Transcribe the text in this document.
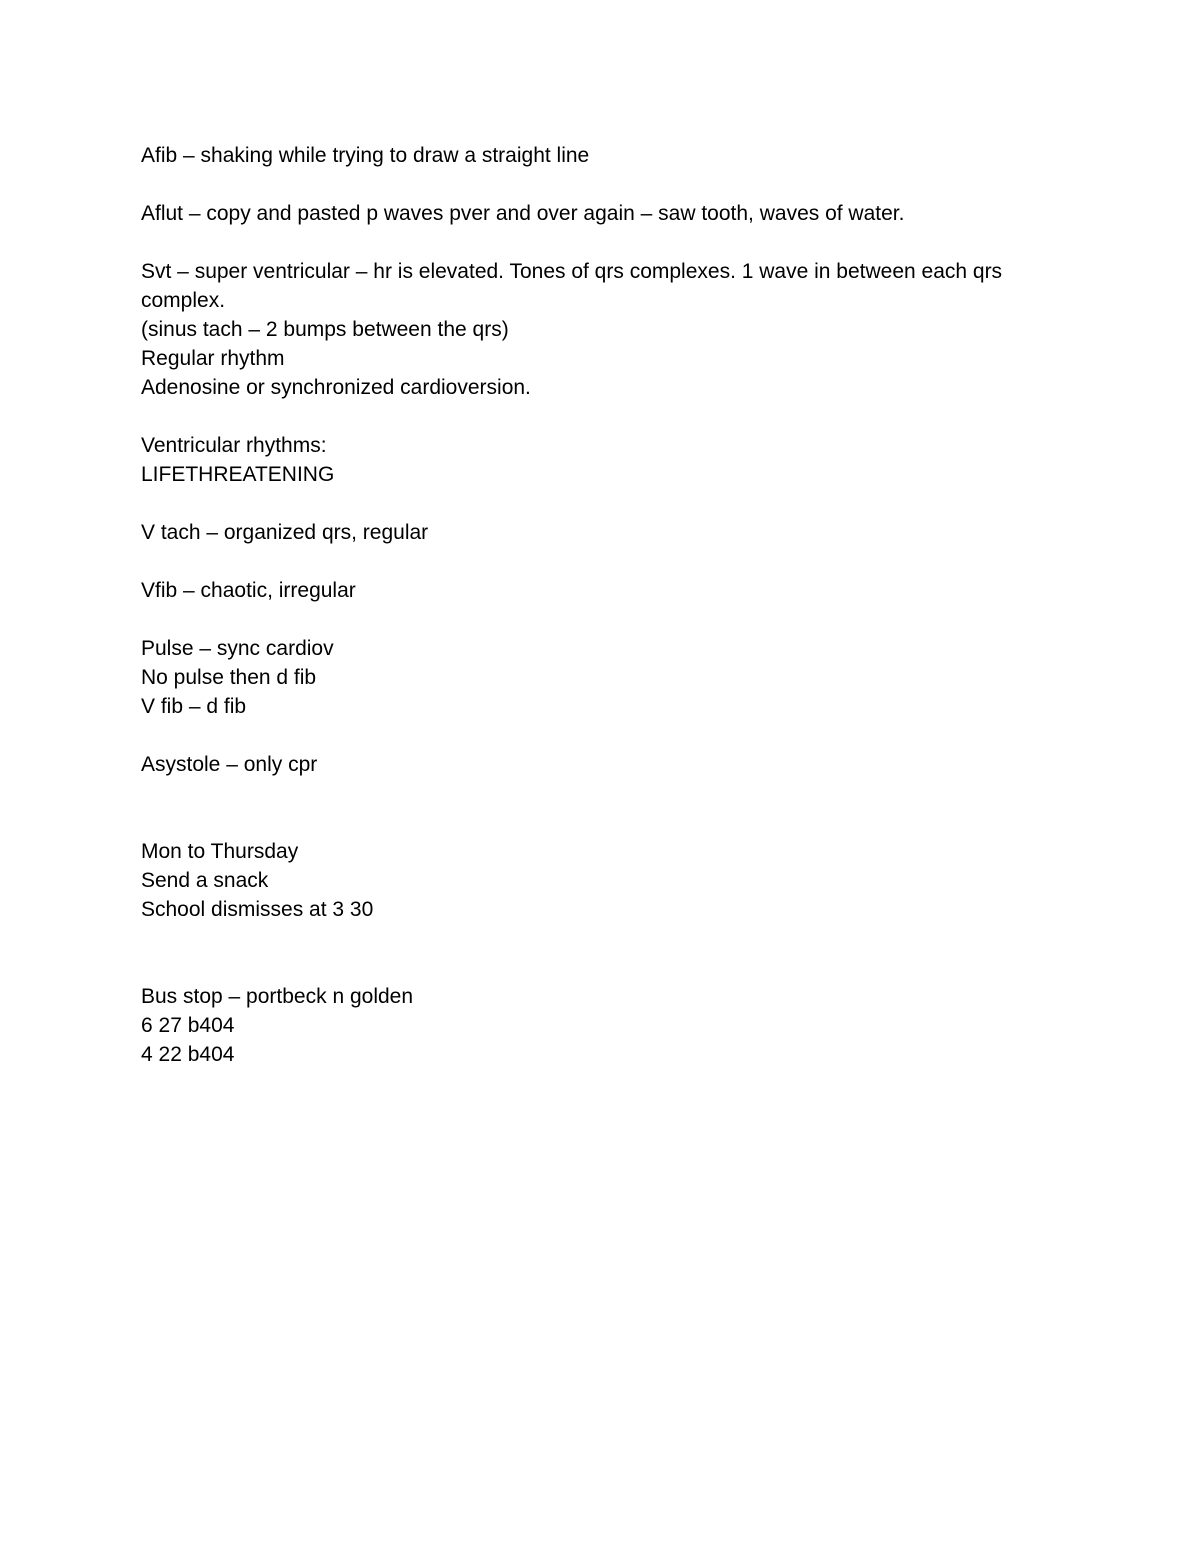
Afib – shaking while trying to draw a straight line
Aflut – copy and pasted p waves pver and over again – saw tooth, waves of water.
Svt – super ventricular – hr is elevated. Tones of qrs complexes. 1 wave in between each qrs complex.
(sinus tach – 2 bumps between the qrs)
Regular rhythm
Adenosine or synchronized cardioversion.
Ventricular rhythms:
LIFETHREATENING
V tach – organized qrs, regular
Vfib – chaotic, irregular
Pulse – sync cardiov
No pulse then d fib
V fib – d fib
Asystole – only cpr
Mon to Thursday
Send a snack
School dismisses at 3 30
Bus stop – portbeck n golden
6 27 b404
4 22 b404
